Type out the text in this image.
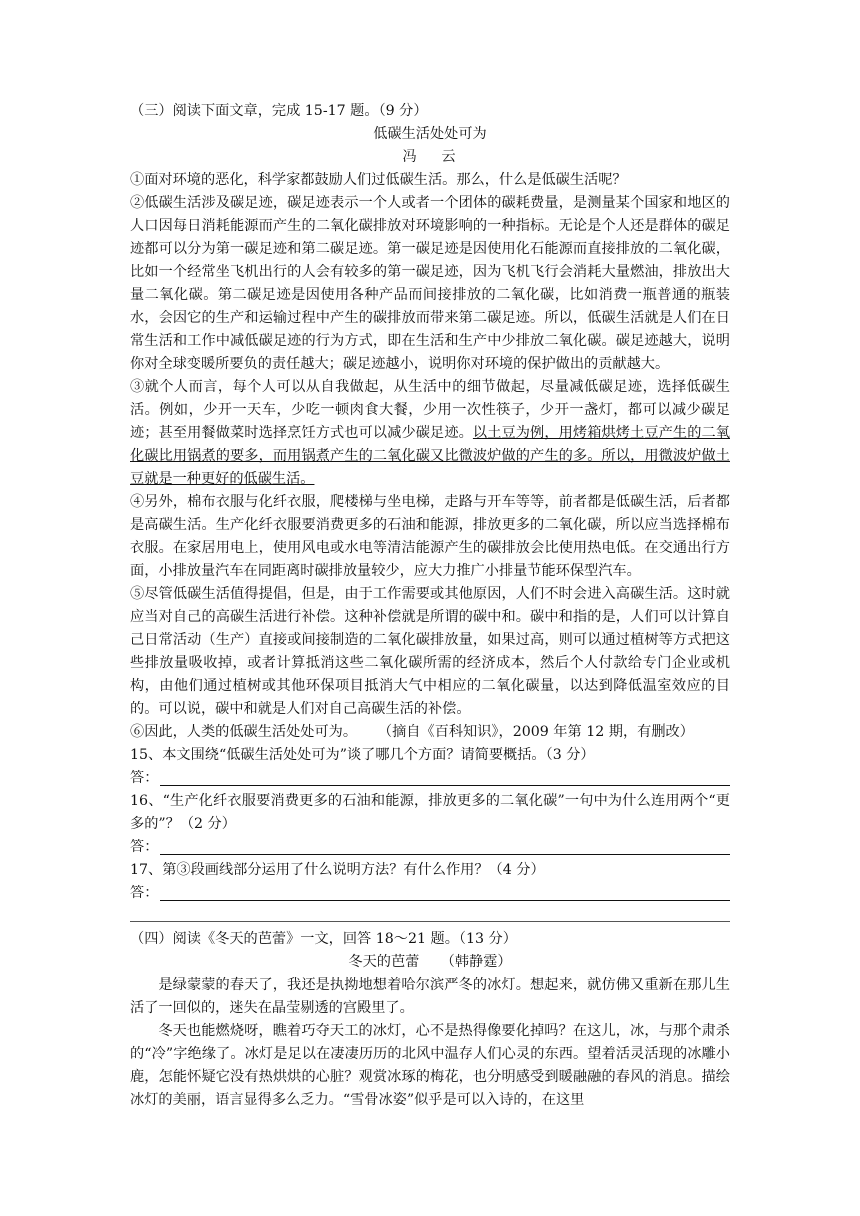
（三）阅读下面文章，完成 15-17 题。（9 分）
低碳生活处处可为
冯　 云

①面对环境的恶化，科学家都鼓励人们过低碳生活。那么，什么是低碳生活呢？

②低碳生活涉及碳足迹，碳足迹表示一个人或者一个团体的碳耗费量，是测量某个国家和地区的人口因每日消耗能源而产生的二氧化碳排放对环境影响的一种指标。无论是个人还是群体的碳足迹都可以分为第一碳足迹和第二碳足迹。第一碳足迹是因使用化石能源而直接排放的二氧化碳，比如一个经常坐飞机出行的人会有较多的第一碳足迹，因为飞机飞行会消耗大量燃油，排放出大量二氧化碳。第二碳足迹是因使用各种产品而间接排放的二氧化碳，比如消费一瓶普通的瓶装水，会因它的生产和运输过程中产生的碳排放而带来第二碳足迹。所以，低碳生活就是人们在日常生活和工作中减低碳足迹的行为方式，即在生活和生产中少排放二氧化碳。碳足迹越大，说明你对全球变暖所要负的责任越大；碳足迹越小，说明你对环境的保护做出的贡献越大。

③就个人而言，每个人可以从自我做起，从生活中的细节做起，尽量减低碳足迹，选择低碳生活。例如，少开一天车，少吃一顿肉食大餐，少用一次性筷子，少开一盏灯，都可以减少碳足迹；甚至用餐做菜时选择烹饪方式也可以减少碳足迹。以土豆为例，用烤箱烘烤土豆产生的二氧化碳比用锅煮的要多，而用锅煮产生的二氧化碳又比微波炉做的产生的多。所以，用微波炉做土豆就是一种更好的低碳生活。

④另外，棉布衣服与化纤衣服，爬楼梯与坐电梯，走路与开车等等，前者都是低碳生活，后者都是高碳生活。生产化纤衣服要消费更多的石油和能源，排放更多的二氧化碳，所以应当选择棉布衣服。在家居用电上，使用风电或水电等清洁能源产生的碳排放会比使用热电低。在交通出行方面，小排放量汽车在同距离时碳排放量较少，应大力推广小排量节能环保型汽车。

⑤尽管低碳生活值得提倡，但是，由于工作需要或其他原因，人们不时会进入高碳生活。这时就应当对自己的高碳生活进行补偿。这种补偿就是所谓的碳中和。碳中和指的是，人们可以计算自己日常活动（生产）直接或间接制造的二氧化碳排放量，如果过高，则可以通过植树等方式把这些排放量吸收掉，或者计算抵消这些二氧化碳所需的经济成本，然后个人付款给专门企业或机构，由他们通过植树或其他环保项目抵消大气中相应的二氧化碳量，以达到降低温室效应的目的。可以说，碳中和就是人们对自己高碳生活的补偿。

⑥因此，人类的低碳生活处处可为。 （摘自《百科知识》，2009 年第 12 期，有删改）
15、本文围绕“低碳生活处处可为”谈了哪几个方面？请简要概括。（3 分）
答：

16、“生产化纤衣服要消费更多的石油和能源，排放更多的二氧化碳”一句中为什么连用两个“更多的”？（2 分）

答：
17、第③段画线部分运用了什么说明方法？有什么作用？（4 分）
答：
（四）阅读《冬天的芭蕾》一文，回答 18～21 题。（13 分）
冬天的芭蕾　　（韩静霆）

是绿蒙蒙的春天了，我还是执拗地想着哈尔滨严冬的冰灯。想起来，就仿佛又重新在那儿生活了一回似的，迷失在晶莹剔透的宫殿里了。

冬天也能燃烧呀，瞧着巧夺天工的冰灯，心不是热得像要化掉吗？在这儿，冰，与那个肃杀的“冷”字绝缘了。冰灯是足以在凄凄历历的北风中温存人们心灵的东西。望着活灵活现的冰雕小鹿，怎能怀疑它没有热烘烘的心脏？观赏冰琢的梅花，也分明感受到暖融融的春风的消息。描绘冰灯的美丽，语言显得多么乏力。“雪骨冰姿”似乎是可以入诗的，在这里
